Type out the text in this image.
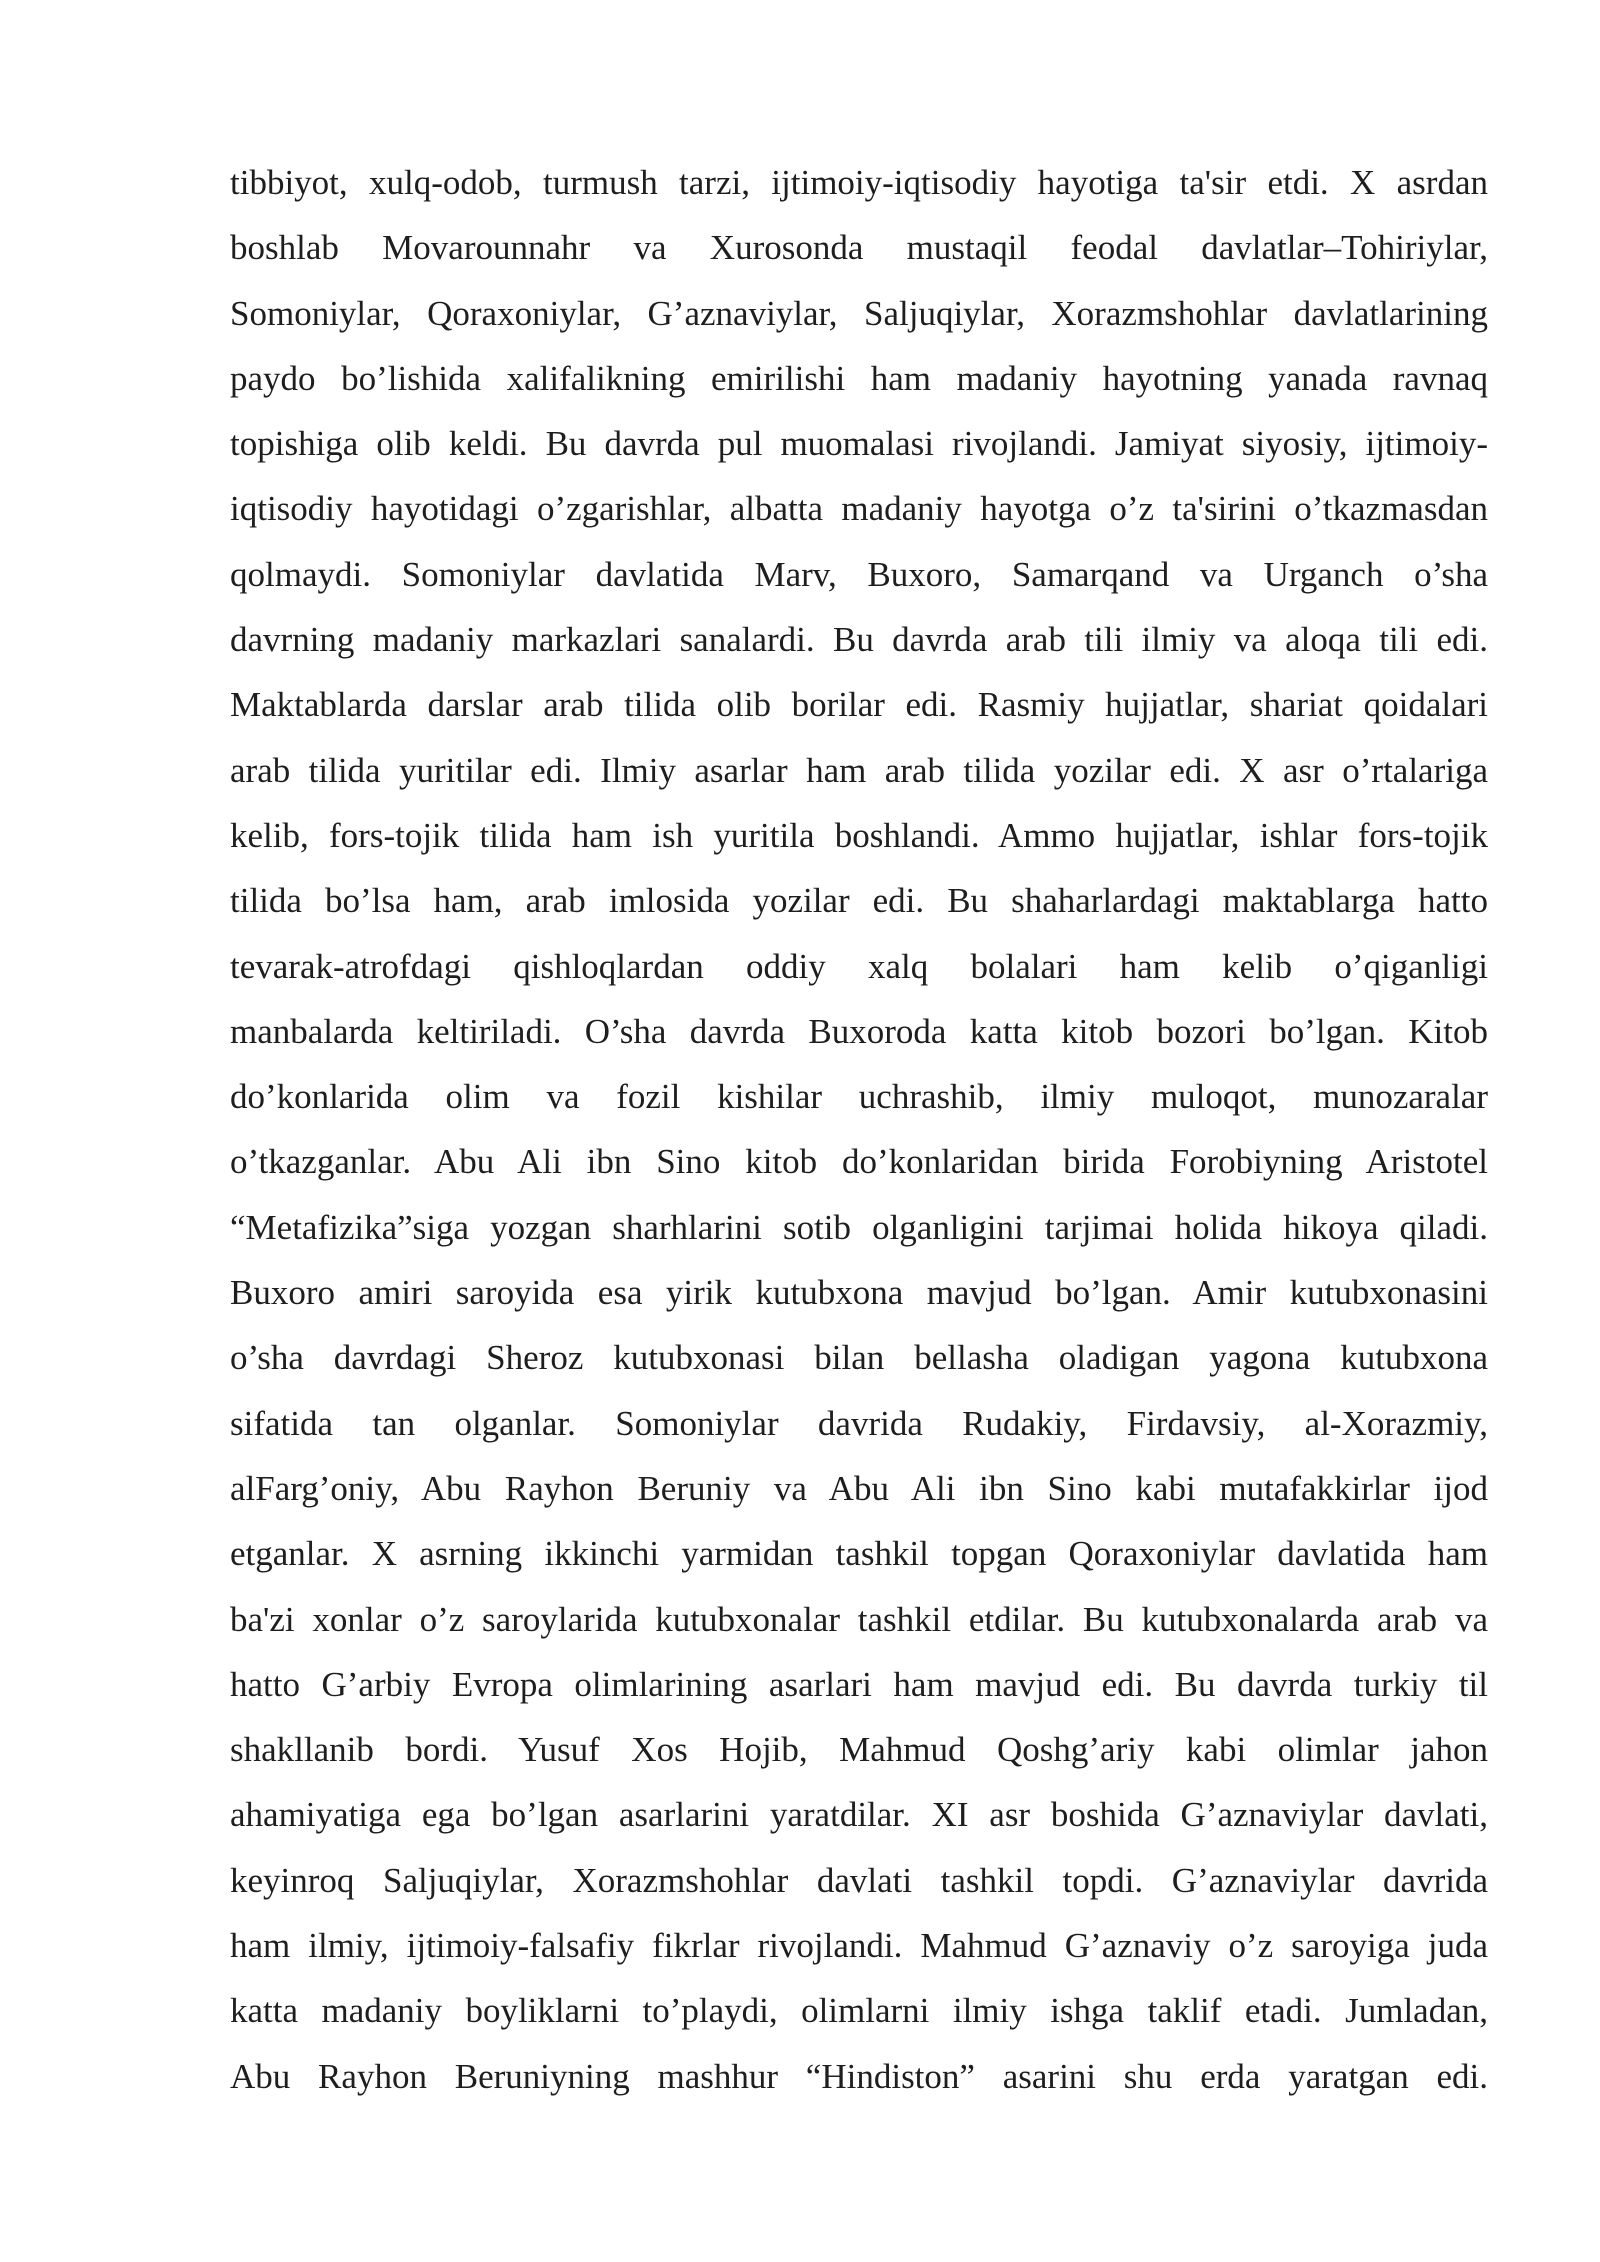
tibbiyot, xulq-odob, turmush tarzi, ijtimoiy-iqtisodiy hayotiga ta'sir etdi. X asrdan
boshlab Movarounnahr va Xurosonda mustaqil feodal davlatlar–Tohiriylar,
Somoniylar, Qoraxoniylar, G’aznaviylar, Saljuqiylar, Xorazmshohlar davlatlarining
paydo bo’lishida xalifalikning emirilishi ham madaniy hayotning yanada ravnaq
topishiga olib keldi. Bu davrda pul muomalasi rivojlandi. Jamiyat siyosiy, ijtimoiy-
iqtisodiy hayotidagi o’zgarishlar, albatta madaniy hayotga o’z ta'sirini o’tkazmasdan
qolmaydi. Somoniylar davlatida Marv, Buxoro, Samarqand va Urganch o’sha
davrning madaniy markazlari sanalardi. Bu davrda arab tili ilmiy va aloqa tili edi.
Maktablarda darslar arab tilida olib borilar edi. Rasmiy hujjatlar, shariat qoidalari
arab tilida yuritilar edi. Ilmiy asarlar ham arab tilida yozilar edi. X asr o’rtalariga
kelib, fors-tojik tilida ham ish yuritila boshlandi. Ammo hujjatlar, ishlar fors-tojik
tilida bo’lsa ham, arab imlosida yozilar edi. Bu shaharlardagi maktablarga hatto
tevarak-atrofdagi qishloqlardan oddiy xalq bolalari ham kelib o’qiganligi
manbalarda keltiriladi. O’sha davrda Buxoroda katta kitob bozori bo’lgan. Kitob
do’konlarida olim va fozil kishilar uchrashib, ilmiy muloqot, munozaralar
o’tkazganlar. Abu Ali ibn Sino kitob do’konlaridan birida Forobiyning Aristotel
“Metafizika”siga yozgan sharhlarini sotib olganligini tarjimai holida hikoya qiladi.
Buxoro amiri saroyida esa yirik kutubxona mavjud bo’lgan. Amir kutubxonasini
o’sha davrdagi Sheroz kutubxonasi bilan bellasha oladigan yagona kutubxona
sifatida tan olganlar. Somoniylar davrida Rudakiy, Firdavsiy, al-Xorazmiy,
alFarg’oniy, Abu Rayhon Beruniy va Abu Ali ibn Sino kabi mutafakkirlar ijod
etganlar. X asrning ikkinchi yarmidan tashkil topgan Qoraxoniylar davlatida ham
ba'zi xonlar o’z saroylarida kutubxonalar tashkil etdilar. Bu kutubxonalarda arab va
hatto G’arbiy Evropa olimlarining asarlari ham mavjud edi. Bu davrda turkiy til
shakllanib bordi. Yusuf Xos Hojib, Mahmud Qoshg’ariy kabi olimlar jahon
ahamiyatiga ega bo’lgan asarlarini yaratdilar. XI asr boshida G’aznaviylar davlati,
keyinroq Saljuqiylar, Xorazmshohlar davlati tashkil topdi. G’aznaviylar davrida
ham ilmiy, ijtimoiy-falsafiy fikrlar rivojlandi. Mahmud G’aznaviy o’z saroyiga juda
katta madaniy boyliklarni to’playdi, olimlarni ilmiy ishga taklif etadi. Jumladan,
Abu Rayhon Beruniyning mashhur “Hindiston” asarini shu erda yaratgan edi.
